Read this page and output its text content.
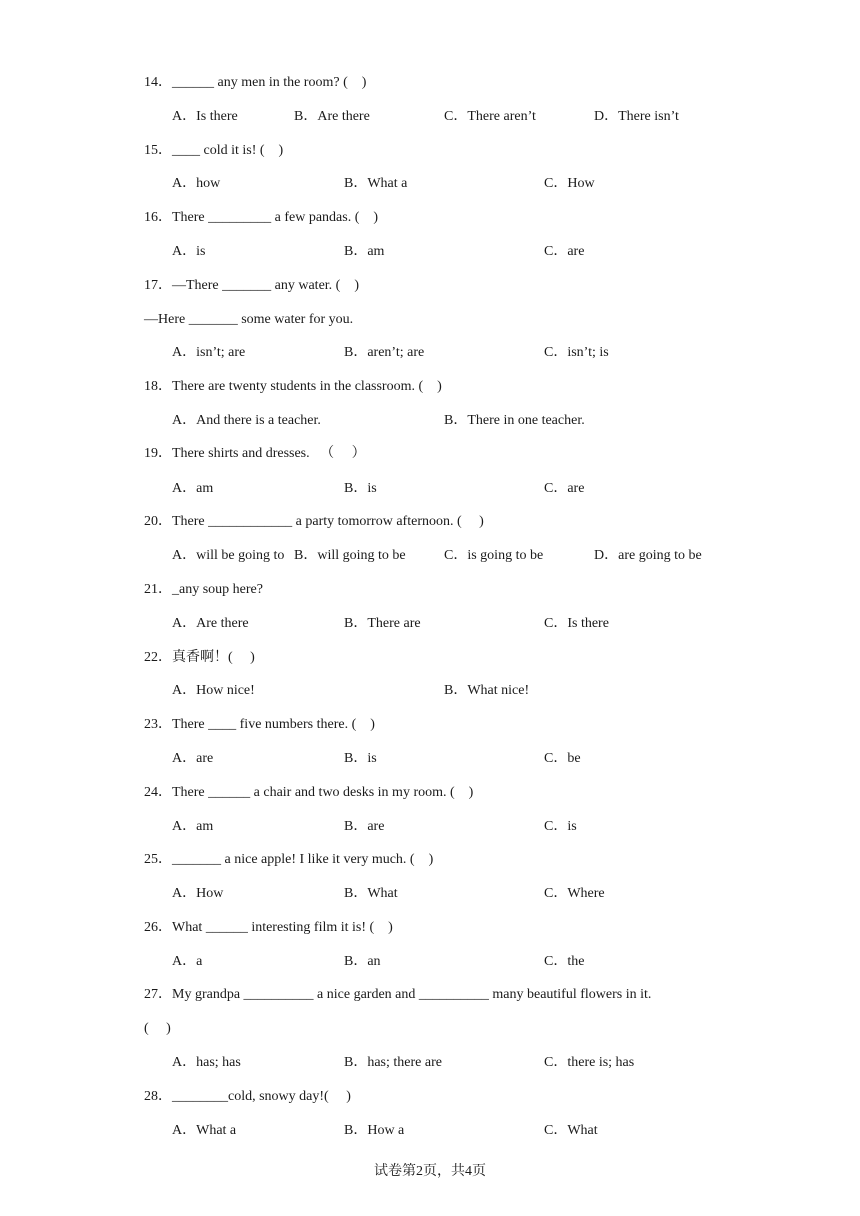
14．______ any men in the room? (    )
A．Is there	B．Are there	C．There aren’t	D．There isn’t
15．____ cold it is! (    )
A．how	B．What a	C．How
16．There _________ a few pandas. (    )
A．is	B．am	C．are
17．—There _______ any water. (    )
—Here _______ some water for you.
A．isn’t; are	B．aren’t; are	C．isn’t; is
18．There are twenty students in the classroom. (    )
A．And there is a teacher.	B．There in one teacher.
19．There shirts and dresses.   （     ）
A．am	B．is	C．are
20．There ____________ a party tomorrow afternoon. (     )
A．will be going to B．will going to be	C．is going to be	D．are going to be
21．_any soup here?
A．Are there	B．There are	C．Is there
22．真香啊！(     )
A．How nice!	B．What nice!
23．There ____ five numbers there. (    )
A．are	B．is	C．be
24．There ______ a chair and two desks in my room. (    )
A．am	B．are	C．is
25．_______ a nice apple! I like it very much. (    )
A．How	B．What	C．Where
26．What ______ interesting film it is! (    )
A．a	B．an	C．the
27．My grandpa __________ a nice garden and __________ many beautiful flowers in it.
(     )
A．has; has	B．has; there are	C．there is; has
28．________cold, snowy day!(     )
A．What a	B．How a	C．What
试卷第2页，共4页
